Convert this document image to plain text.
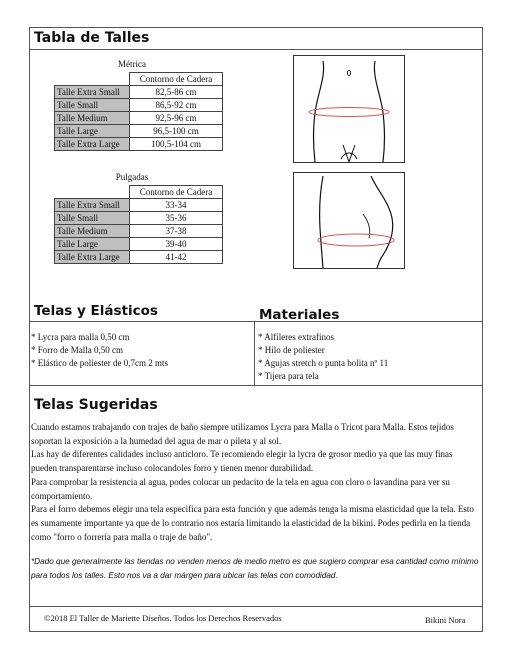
Tabla de Talles
Métrica
	Contorno de Cadera
Talle Extra Small	82,5-86 cm
Talle Small	86,5-92 cm
Talle Medium	92,5-96 cm
Talle Large	96,5-100 cm
Talle Extra Large	100,5-104 cm
Pulgadas
	Contorno de Cadera
Talle Extra Small	33-34
Talle Small	35-36
Talle Medium	37-38
Talle Large	39-40
Talle Extra Large	41-42
Telas y Elásticos	Materiales
* Lycra para malla 0,50 cm
* Forro de Malla 0,50 cm
* Elástico de poliester de 0,7cm 2 mts
* Alfileres extrafinos
* Hilo de poliester
* Agujas stretch o punta bolita nº 11
* Tijera para tela
Telas Sugeridas

Cuando estamos trabajando con trajes de baño siempre utilizamos Lycra para Malla o Tricot para Malla. Estos tejidos soportan la exposición a la humedad del agua de mar o pileta y al sol.

Las hay de diferentes calidades incluso anticloro. Te recomiendo elegir la lycra de grosor medio ya que las muy finas pueden transparentarse incluso colocandoles forro y tienen menor durabilidad.

Para comprobar la resistencia al agua, podes colocar un pedacito de la tela en agua con cloro o lavandina para ver su comportamiento.

Para el forro debemos elegir una tela especifica para esta función y que además tenga la misma elasticidad que la tela. Esto es sumamente importante ya que de lo contrario nos estaría limitando la elasticidad de la bikini. Podes pedirla en la tienda como "forro o forrería para malla o traje de baño".

*Dado que generalmente las tiendas no venden menos de medio metro es que sugiero comprar esa cantidad como mínimo para todos los talles. Esto nos va a dar márgen para ubicar las telas con comodidad.
©2018 El Taller de Mariette Diseños. Todos los Derechos Reservados	Bikini Nora
